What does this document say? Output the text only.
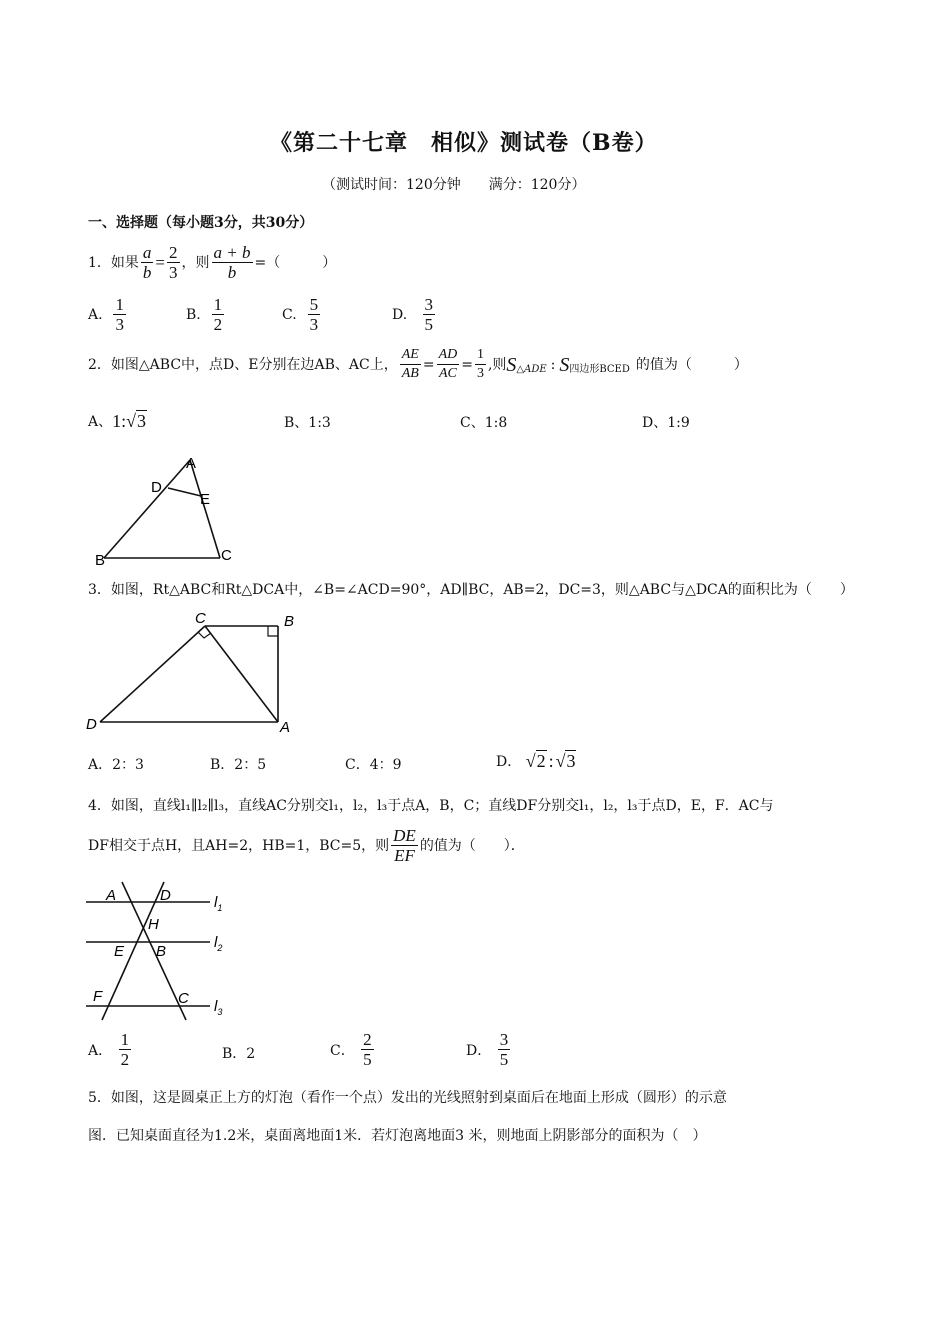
《第二十七章　相似》测试卷（B卷）
（测试时间：120分钟　　满分：120分）
一、选择题（每小题3分，共30分）
1．如果 $\frac{a}{b} = \frac{2}{3}$ ，则 $\frac{a + b}{b}$ =（　　　）
A.
$\frac{1}{3}$	B.
$\frac{1}{2}$	C.
$\frac{5}{3}$	D.
$\frac{3}{5}$
2．如图△ABC中，点D、E分别在边AB、AC上， $\frac{AE}{AB} = \frac{AD}{AC} = \frac{1}{3}$ ,则 S △ADE : S 四边形BCED 的值为（　　　）
A、 1: √ 3	B、1:3	C、1:8	D、1:9
A
D
E
B	C
3．如图，Rt△ABC和Rt△DCA中，∠B=∠ACD=90°，AD∥BC，AB=2，DC=3，则△ABC与△DCA的面积比为（　　）
C	B
D	A
A．2：3	B．2：5	C．4：9	D．
√ 2 : √ 3
4．如图，直线l₁∥l₂∥l₃，直线AC分别交l₁，l₂，l₃于点A，B，C；直线DF分别交l₁，l₂，l₃于点D，E，F．AC与
DF相交于点H，且AH=2，HB=1，BC=5，则 $\frac{DE}{EF}$ 的值为（　　）．
A	D
H
E B
F	C
$l_1$
$l_2$
$l_3$
A．
$\frac{1}{2}$	B．2	C．
$\frac{2}{5}$	D．
$\frac{3}{5}$
5．如图，这是圆桌正上方的灯泡（看作一个点）发出的光线照射到桌面后在地面上形成（圆形）的示意
图．已知桌面直径为1.2米，桌面离地面1米．若灯泡离地面3 米，则地面上阴影部分的面积为（　）
